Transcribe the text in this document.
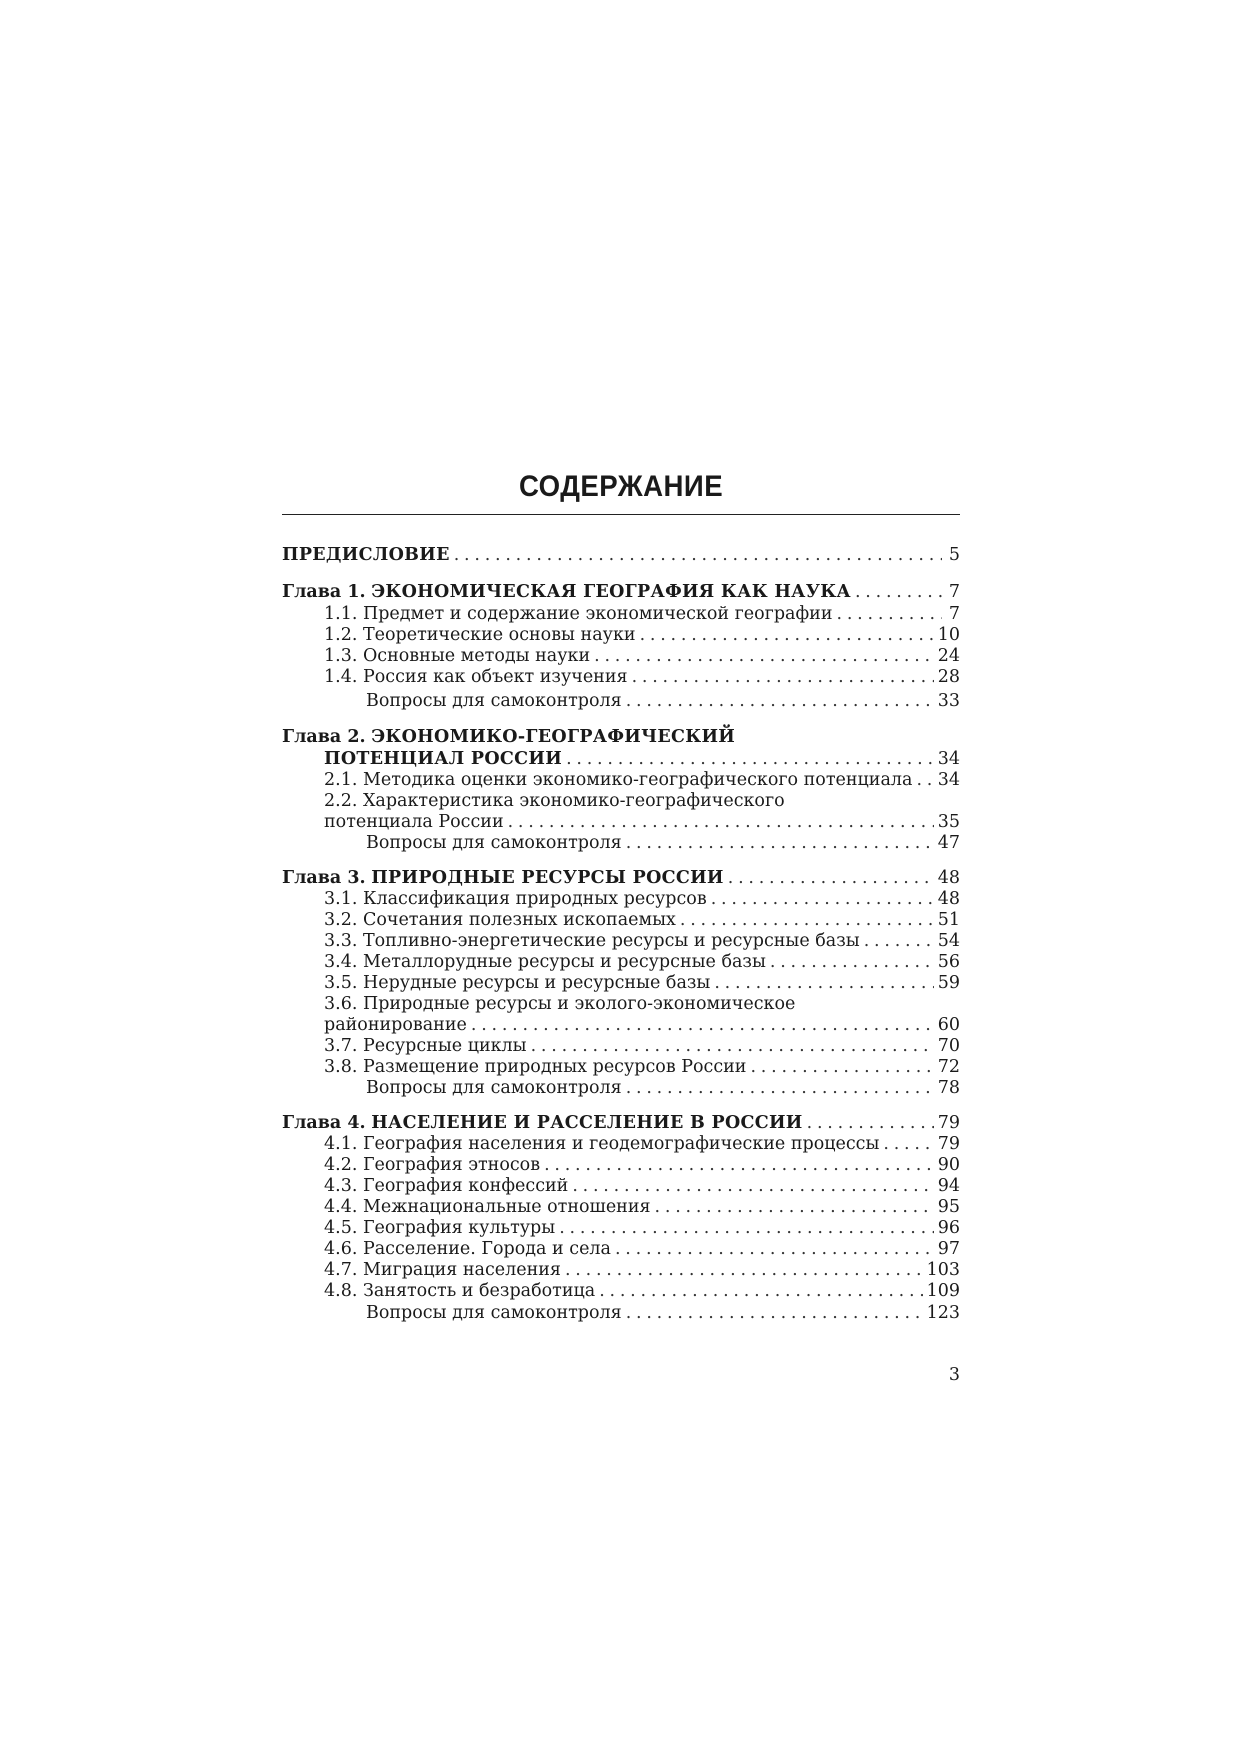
СОДЕРЖАНИЕ
ПРЕДИСЛОВИЕ . . .	5
Глава 1. ЭКОНОМИЧЕСКАЯ ГЕОГРАФИЯ КАК НАУКА . . .	7
1.1. Предмет и содержание экономической географии . . .	7
1.2. Теоретические основы науки . . .	10
1.3. Основные методы науки . . .	24
1.4. Россия как объект изучения . . .	28
Вопросы для самоконтроля . . .	33
Глава 2. ЭКОНОМИКО-ГЕОГРАФИЧЕСКИЙ
ПОТЕНЦИАЛ РОССИИ . . .	34
2.1. Методика оценки экономико-географического потенциала . . . 34
2.2. Характеристика экономико-географического
потенциала России . . .	35
Вопросы для самоконтроля . . .	47
Глава 3. ПРИРОДНЫЕ РЕСУРСЫ РОССИИ . . .	48
3.1. Классификация природных ресурсов . . .	48
3.2. Сочетания полезных ископаемых . . .	51
3.3. Топливно-энергетические ресурсы и ресурсные базы . . .	54
3.4. Металлорудные ресурсы и ресурсные базы . . .	56
3.5. Нерудные ресурсы и ресурсные базы . . .	59
3.6. Природные ресурсы и эколого-экономическое
районирование . . .	60
3.7. Ресурсные циклы . . .	70
3.8. Размещение природных ресурсов России . . .	72
Вопросы для самоконтроля . . .	78
Глава 4. НАСЕЛЕНИЕ И РАССЕЛЕНИЕ В РОССИИ . . .	79
4.1. География населения и геодемографические процессы . . .	79
4.2. География этносов . . .	90
4.3. География конфессий . . .	94
4.4. Межнациональные отношения . . .	95
4.5. География культуры . . .	96
4.6. Расселение. Города и села . . .	97
4.7. Миграция населения . . .	103
4.8. Занятость и безработица . . .	109
Вопросы для самоконтроля . . .	123
3
